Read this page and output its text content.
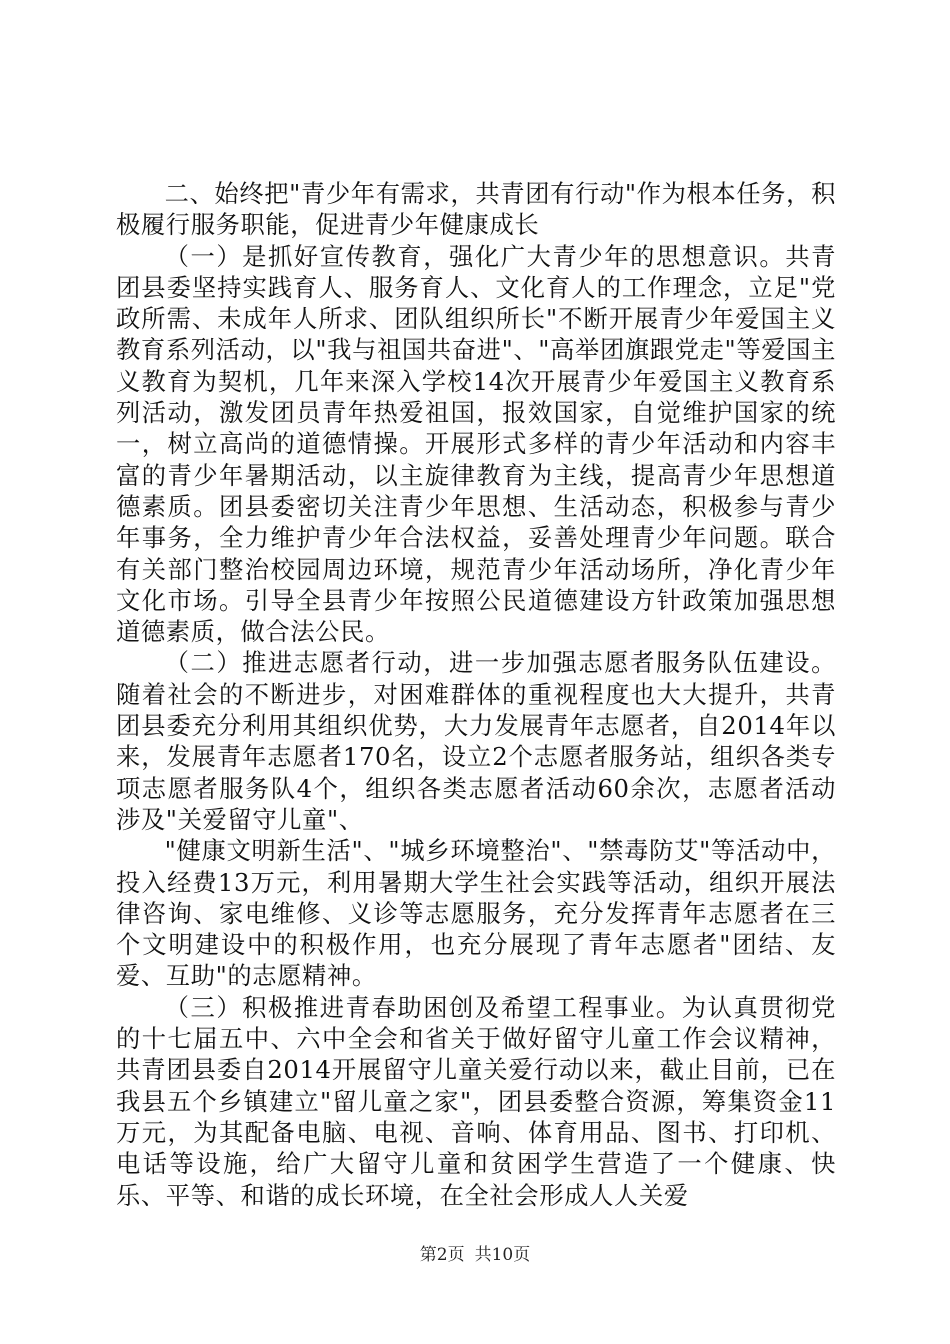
二、始终把"青少年有需求，共青团有行动"作为根本任务，积极履行服务职能，促进青少年健康成长

（一）是抓好宣传教育，强化广大青少年的思想意识。共青团县委坚持实践育人、服务育人、文化育人的工作理念，立足"党政所需、未成年人所求、团队组织所长"不断开展青少年爱国主义教育系列活动，以"我与祖国共奋进"、"高举团旗跟党走"等爱国主义教育为契机，几年来深入学校14次开展青少年爱国主义教育系列活动，激发团员青年热爱祖国，报效国家，自觉维护国家的统一，树立高尚的道德情操。开展形式多样的青少年活动和内容丰富的青少年暑期活动，以主旋律教育为主线，提高青少年思想道德素质。团县委密切关注青少年思想、生活动态，积极参与青少年事务，全力维护青少年合法权益，妥善处理青少年问题。联合有关部门整治校园周边环境，规范青少年活动场所，净化青少年文化市场。引导全县青少年按照公民道德建设方针政策加强思想道德素质，做合法公民。

（二）推进志愿者行动，进一步加强志愿者服务队伍建设。随着社会的不断进步，对困难群体的重视程度也大大提升，共青团县委充分利用其组织优势，大力发展青年志愿者，自2014年以来，发展青年志愿者170名，设立2个志愿者服务站，组织各类专项志愿者服务队4个，组织各类志愿者活动60余次，志愿者活动涉及"关爱留守儿童"、

"健康文明新生活"、"城乡环境整治"、"禁毒防艾"等活动中，投入经费13万元，利用暑期大学生社会实践等活动，组织开展法律咨询、家电维修、义诊等志愿服务，充分发挥青年志愿者在三个文明建设中的积极作用，也充分展现了青年志愿者"团结、友爱、互助"的志愿精神。

（三）积极推进青春助困创及希望工程事业。为认真贯彻党的十七届五中、六中全会和省关于做好留守儿童工作会议精神，共青团县委自2014开展留守儿童关爱行动以来，截止目前，已在我县五个乡镇建立"留儿童之家"，团县委整合资源，筹集资金11万元，为其配备电脑、电视、音响、体育用品、图书、打印机、电话等设施，给广大留守儿童和贫困学生营造了一个健康、快乐、平等、和谐的成长环境，在全社会形成人人关爱

第2页 共10页
